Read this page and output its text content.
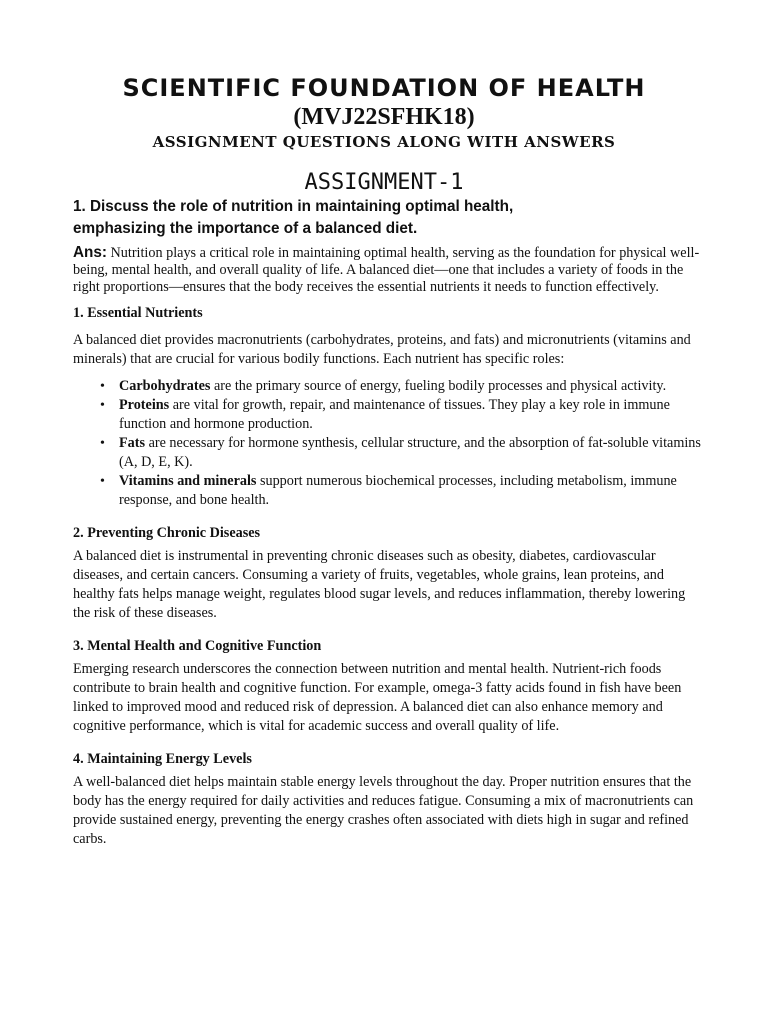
SCIENTIFIC FOUNDATION OF HEALTH
(MVJ22SFHK18)
ASSIGNMENT QUESTIONS ALONG WITH ANSWERS
ASSIGNMENT-1

1. Discuss the role of nutrition in maintaining optimal health,

emphasizing the importance of a balanced diet.

Ans: Nutrition plays a critical role in maintaining optimal health, serving as the foundation for physical well-being, mental health, and overall quality of life. A balanced diet—one that includes a variety of foods in the right proportions—ensures that the body receives the essential nutrients it needs to function effectively.

1. Essential Nutrients

A balanced diet provides macronutrients (carbohydrates, proteins, and fats) and micronutrients (vitamins and minerals) that are crucial for various bodily functions. Each nutrient has specific roles:

• Carbohydrates are the primary source of energy, fueling bodily processes and physical activity.
• Proteins are vital for growth, repair, and maintenance of tissues. They play a key role in immune function and hormone production.
• Fats are necessary for hormone synthesis, cellular structure, and the absorption of fat-soluble vitamins (A, D, E, K).
• Vitamins and minerals support numerous biochemical processes, including metabolism, immune response, and bone health.

2. Preventing Chronic Diseases

A balanced diet is instrumental in preventing chronic diseases such as obesity, diabetes, cardiovascular diseases, and certain cancers. Consuming a variety of fruits, vegetables, whole grains, lean proteins, and healthy fats helps manage weight, regulates blood sugar levels, and reduces inflammation, thereby lowering the risk of these diseases.

3. Mental Health and Cognitive Function

Emerging research underscores the connection between nutrition and mental health. Nutrient-rich foods contribute to brain health and cognitive function. For example, omega-3 fatty acids found in fish have been linked to improved mood and reduced risk of depression. A balanced diet can also enhance memory and cognitive performance, which is vital for academic success and overall quality of life.

4. Maintaining Energy Levels

A well-balanced diet helps maintain stable energy levels throughout the day. Proper nutrition ensures that the body has the energy required for daily activities and reduces fatigue. Consuming a mix of macronutrients can provide sustained energy, preventing the energy crashes often associated with diets high in sugar and refined carbs.
